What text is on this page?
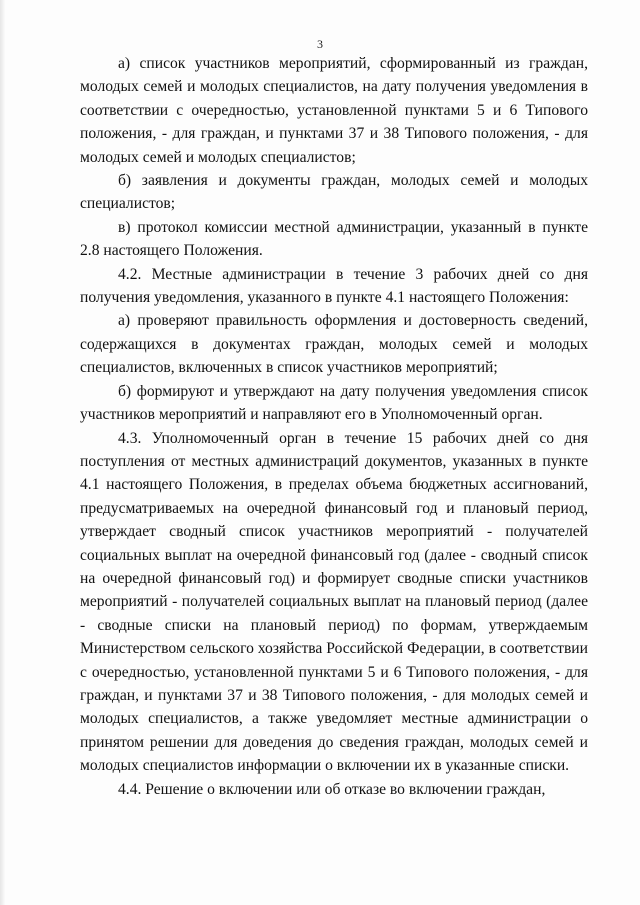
3

а) список участников мероприятий, сформированный из граждан, молодых семей и молодых специалистов, на дату получения уведомления в соответствии с очередностью, установленной пунктами 5 и 6 Типового положения, - для граждан, и пунктами 37 и 38 Типового положения, - для молодых семей и молодых специалистов;

б) заявления и документы граждан, молодых семей и молодых специалистов;

в) протокол комиссии местной администрации, указанный в пункте 2.8 настоящего Положения.

4.2. Местные администрации в течение 3 рабочих дней со дня получения уведомления, указанного в пункте 4.1 настоящего Положения:

а) проверяют правильность оформления и достоверность сведений, содержащихся в документах граждан, молодых семей и молодых специалистов, включенных в список участников мероприятий;

б) формируют и утверждают на дату получения уведомления список участников мероприятий и направляют его в Уполномоченный орган.

4.3. Уполномоченный орган в течение 15 рабочих дней со дня поступления от местных администраций документов, указанных в пункте 4.1 настоящего Положения, в пределах объема бюджетных ассигнований, предусматриваемых на очередной финансовый год и плановый период, утверждает сводный список участников мероприятий - получателей социальных выплат на очередной финансовый год (далее - сводный список на очередной финансовый год) и формирует сводные списки участников мероприятий - получателей социальных выплат на плановый период (далее - сводные списки на плановый период) по формам, утверждаемым Министерством сельского хозяйства Российской Федерации, в соответствии с очередностью, установленной пунктами 5 и 6 Типового положения, - для граждан, и пунктами 37 и 38 Типового положения, - для молодых семей и молодых специалистов, а также уведомляет местные администрации о принятом решении для доведения до сведения граждан, молодых семей и молодых специалистов информации о включении их в указанные списки.

4.4. Решение о включении или об отказе во включении граждан,
